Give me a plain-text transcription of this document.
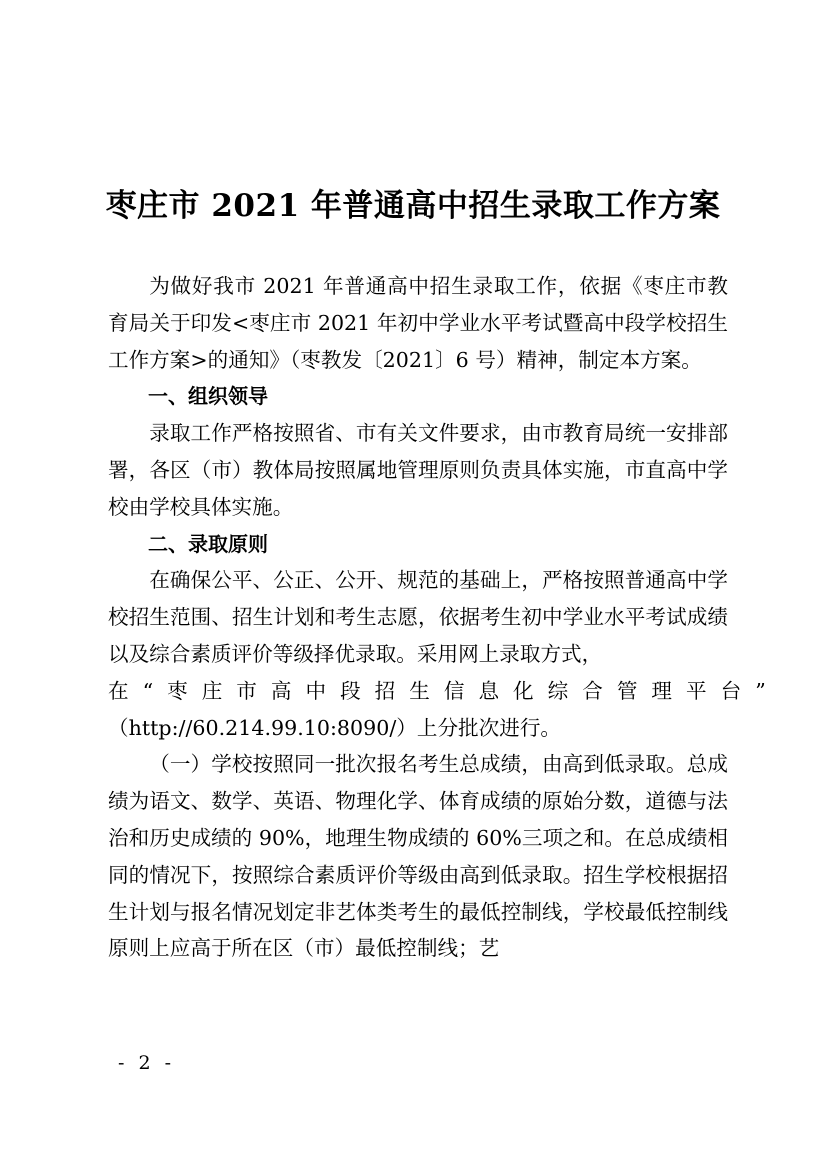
枣庄市 2021 年普通高中招生录取工作方案

为做好我市 2021 年普通高中招生录取工作，依据《枣庄市教育局关于印发<枣庄市 2021 年初中学业水平考试暨高中段学校招生工作方案>的通知》（枣教发〔2021〕6 号）精神，制定本方案。

一、组织领导

录取工作严格按照省、市有关文件要求，由市教育局统一安排部署，各区（市）教体局按照属地管理原则负责具体实施，市直高中学校由学校具体实施。

二、录取原则

在确保公平、公正、公开、规范的基础上，严格按照普通高中学校招生范围、招生计划和考生志愿，依据考生初中学业水平考试成绩以及综合素质评价等级择优录取。采用网上录取方式，

在“枣庄市高中段招生信息化综合管理平台”

（http://60.214.99.10:8090/）上分批次进行。

（一）学校按照同一批次报名考生总成绩，由高到低录取。总成绩为语文、数学、英语、物理化学、体育成绩的原始分数，道德与法治和历史成绩的 90%，地理生物成绩的 60%三项之和。在总成绩相同的情况下，按照综合素质评价等级由高到低录取。招生学校根据招生计划与报名情况划定非艺体类考生的最低控制线，学校最低控制线原则上应高于所在区（市）最低控制线；艺

- 2 -
